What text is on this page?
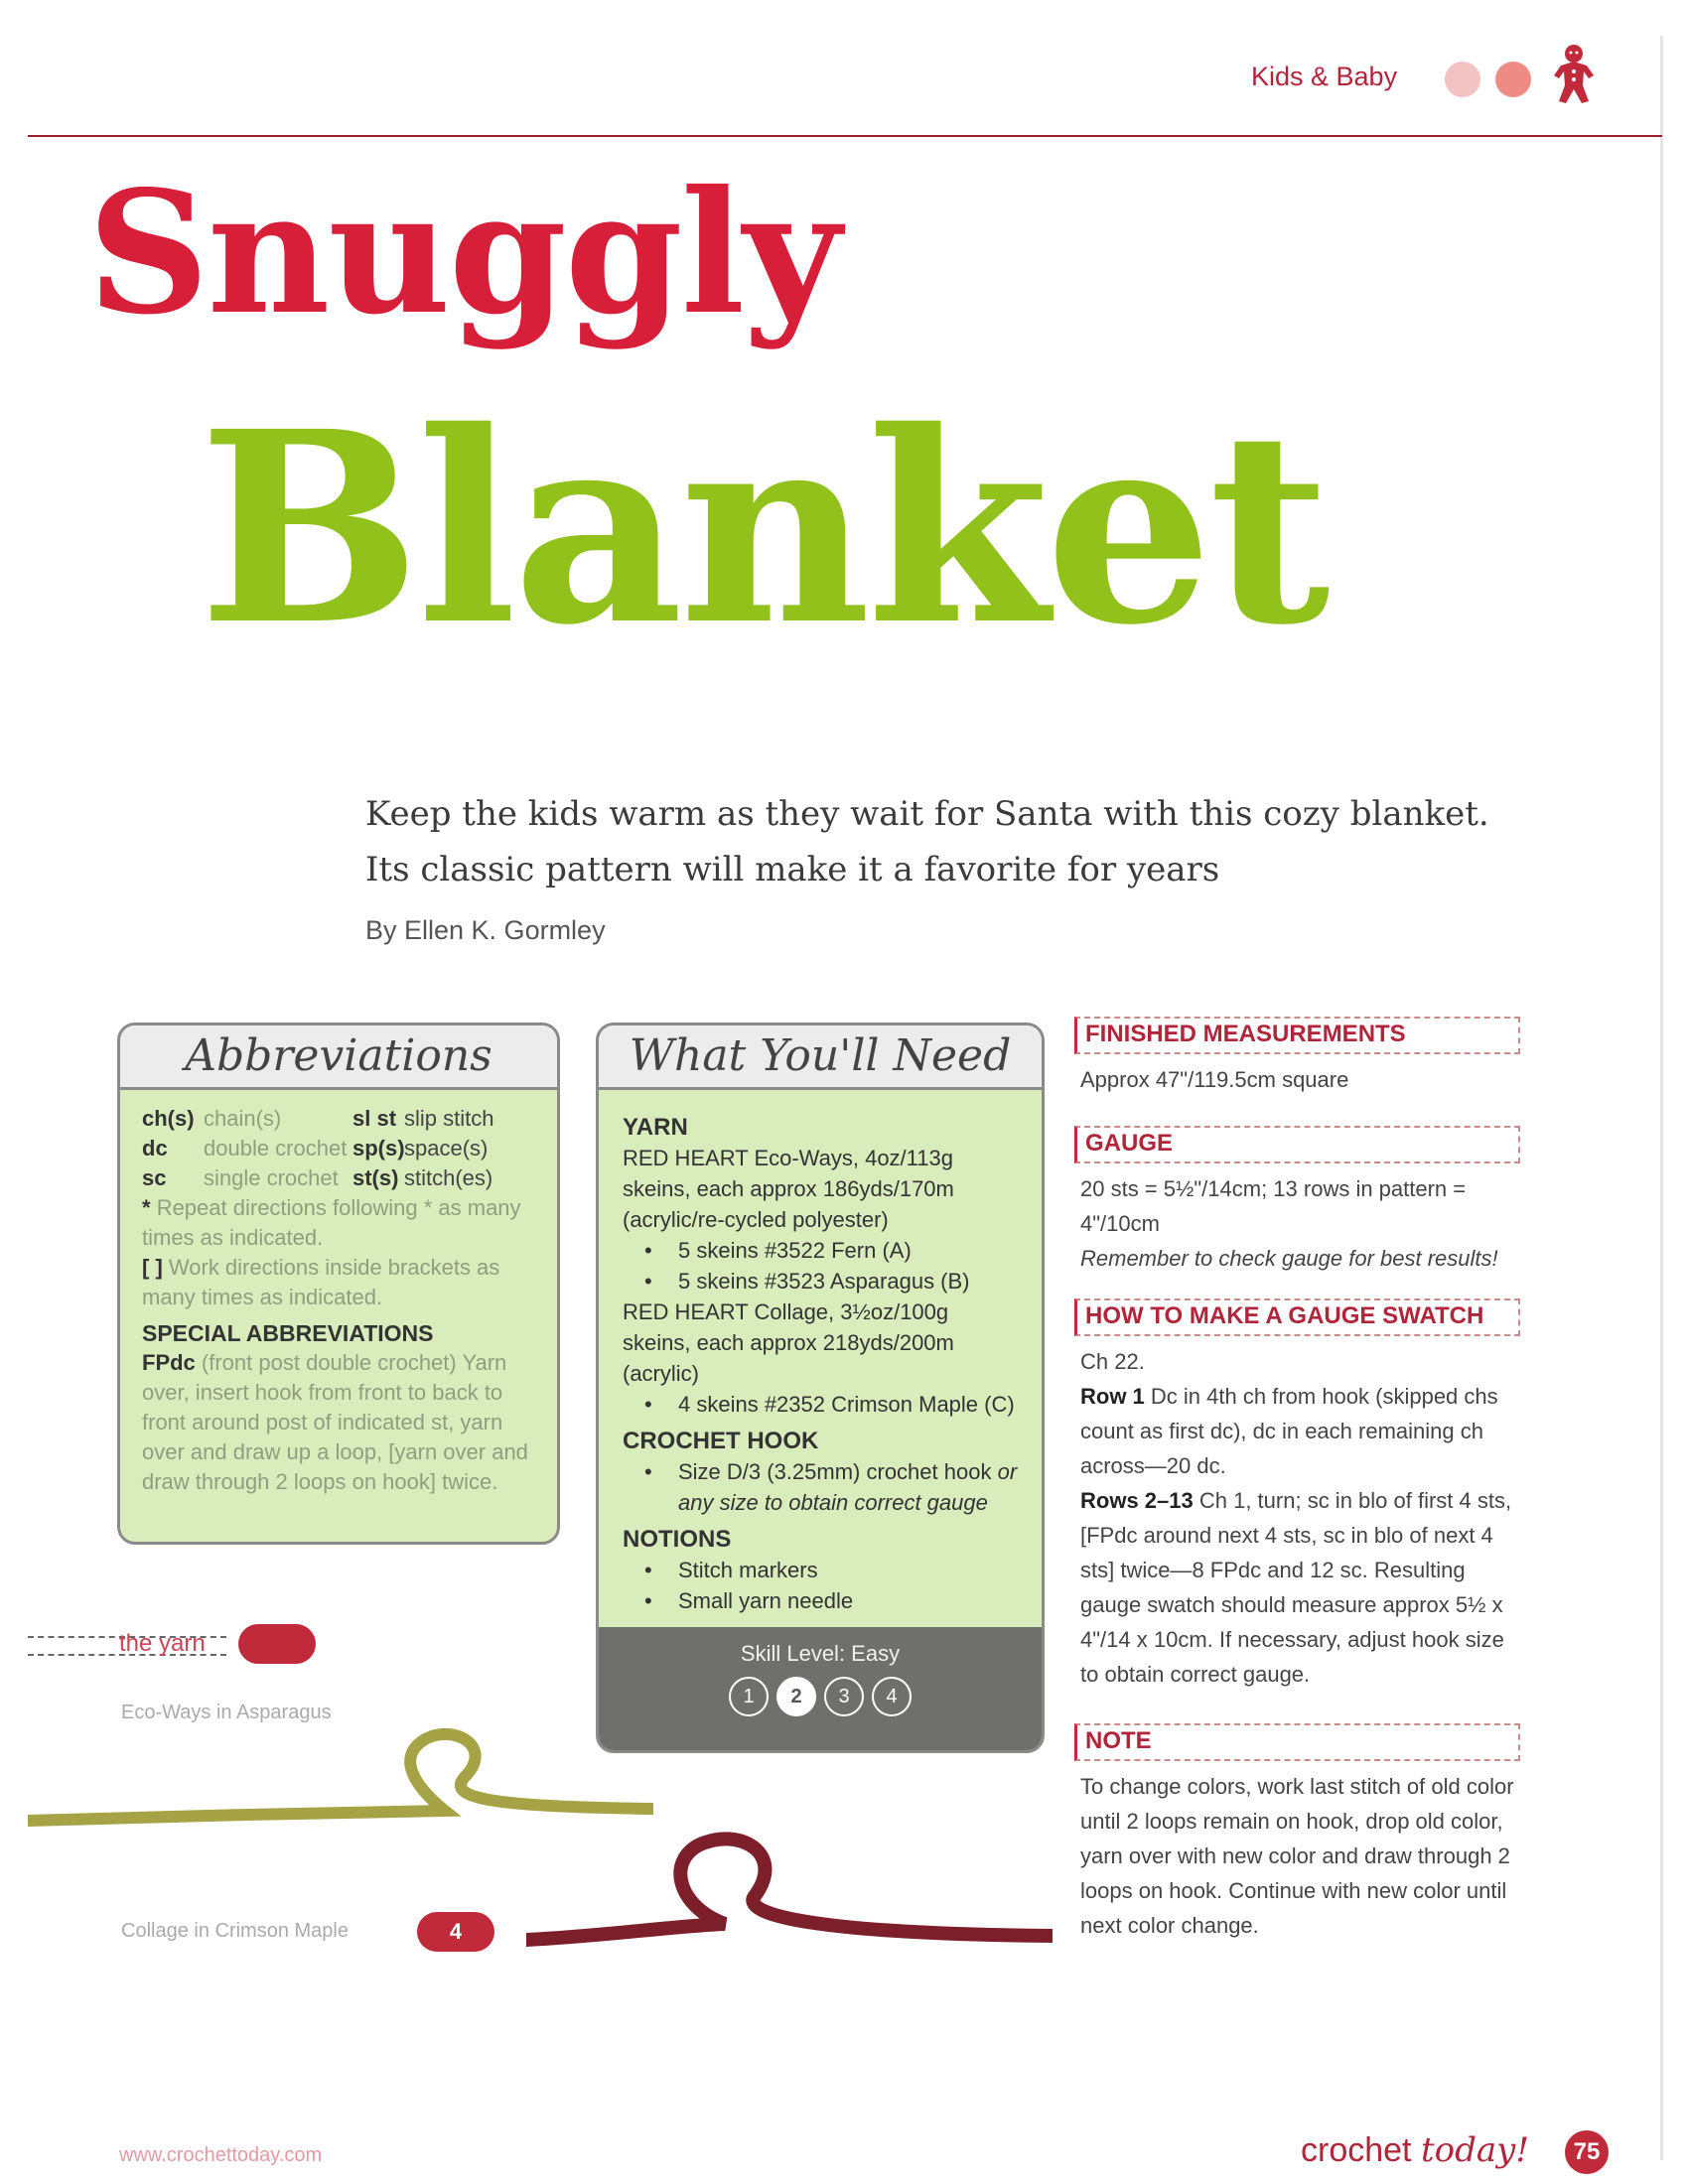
Kids & Baby
Snuggly
Blanket
Keep the kids warm as they wait for Santa with this cozy blanket. Its classic pattern will make it a favorite for years
By Ellen K. Gormley
Abbreviations
ch(s) chain(s)	sl st slip stitch
dc	double crochet sp(s) space(s)
sc	single crochet st(s) stitch(es)

* Repeat directions following * as many times as indicated.

[ ] Work directions inside brackets as many times as indicated.

SPECIAL ABBREVIATIONS

FPdc (front post double crochet) Yarn over, insert hook from front to back to front around post of indicated st, yarn over and draw up a loop, [yarn over and draw through 2 loops on hook] twice.

What You'll Need
YARN
RED HEART Eco-Ways, 4oz/113g skeins, each approx 186yds/170m (acrylic/re-cycled polyester)
• 5 skeins #3522 Fern (A)
• 5 skeins #3523 Asparagus (B)
RED HEART Collage, 3½oz/100g skeins, each approx 218yds/200m (acrylic)
• 4 skeins #2352 Crimson Maple (C)
CROCHET HOOK
• Size D/3 (3.25mm) crochet hook or any size to obtain correct gauge
NOTIONS
• Stitch markers
• Small yarn needle
Skill Level: Easy
1	2	3	4
FINISHED MEASUREMENTS
Approx 47"/119.5cm square
GAUGE
20 sts = 5½"/14cm; 13 rows in pattern = 4"/10cm
Remember to check gauge for best results!
HOW TO MAKE A GAUGE SWATCH
Ch 22.
Row 1 Dc in 4th ch from hook (skipped chs count as first dc), dc in each remaining ch across—20 dc.
Rows 2–13 Ch 1, turn; sc in blo of first 4 sts, [FPdc around next 4 sts, sc in blo of next 4 sts] twice—8 FPdc and 12 sc. Resulting gauge swatch should measure approx 5½ x 4"/14 x 10cm. If necessary, adjust hook size to obtain correct gauge.
NOTE
To change colors, work last stitch of old color until 2 loops remain on hook, drop old color, yarn over with new color and draw through 2 loops on hook. Continue with new color until next color change.
the yarn
Eco-Ways in Asparagus
Collage in Crimson Maple	4
www.crochettoday.com	crochet today!	75
